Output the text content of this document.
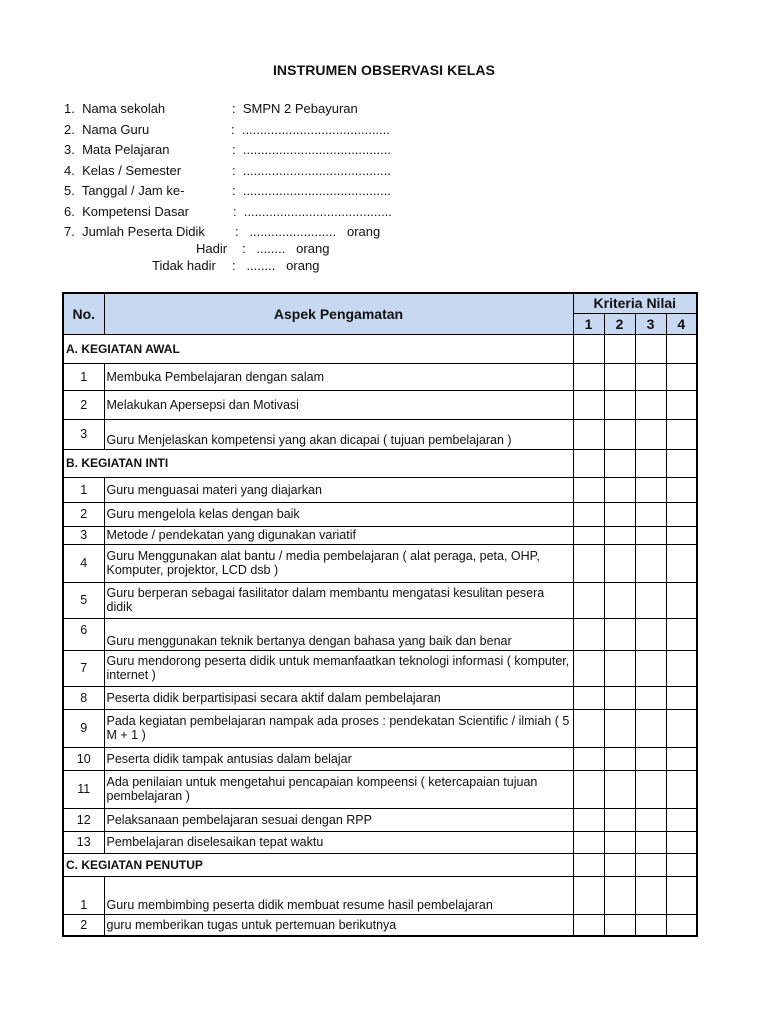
INSTRUMEN OBSERVASI KELAS

1.  Nama sekolah

	:  SMPN 2 Pebayuran

2.  Nama Guru

	:  .........................................

3.  Mata Pelajaran

	:  .........................................

4.  Kelas / Semester

	:  .........................................

5.  Tanggal / Jam ke-

	:  .........................................

6.  Kompetensi Dasar

	:  .........................................

7.  Jumlah Peserta Didik

:   ........................   orang

Hadir

:   ........   orang

Tidak hadir

:   ........   orang

No.	Aspek Pengamatan	Kriteria Nilai			
		1	2	3	4
A. KEGIATAN AWAL					
1	Membuka Pembelajaran dengan salam				
2	Melakukan Apersepsi dan Motivasi				
3	Guru Menjelaskan kompetensi yang akan dicapai ( tujuan pembelajaran )				
B. KEGIATAN INTI					
1	Guru menguasai materi yang diajarkan				
2	Guru mengelola kelas dengan baik				
3	Metode / pendekatan yang digunakan variatif				
4	Guru Menggunakan alat bantu / media pembelajaran ( alat peraga, peta, OHP, Komputer, projektor, LCD dsb )				
5	Guru berperan sebagai fasilitator dalam membantu mengatasi kesulitan pesera didik				
6	Guru menggunakan teknik bertanya dengan bahasa yang baik dan benar				
7	Guru mendorong peserta didik untuk memanfaatkan teknologi informasi ( komputer, internet )				
8	Peserta didik berpartisipasi secara aktif dalam pembelajaran				
9	Pada kegiatan pembelajaran nampak ada proses : pendekatan Scientific / ilmiah ( 5 M + 1 )				
10	Peserta didik tampak antusias dalam belajar				
11	Ada penilaian untuk mengetahui pencapaian kompeensi ( ketercapaian tujuan pembelajaran )				
12	Pelaksanaan pembelajaran sesuai dengan RPP				
13	Pembelajaran diselesaikan tepat waktu				
C. KEGIATAN PENUTUP					
1	Guru membimbing peserta didik membuat resume hasil pembelajaran				
2	guru memberikan tugas untuk pertemuan berikutnya				
